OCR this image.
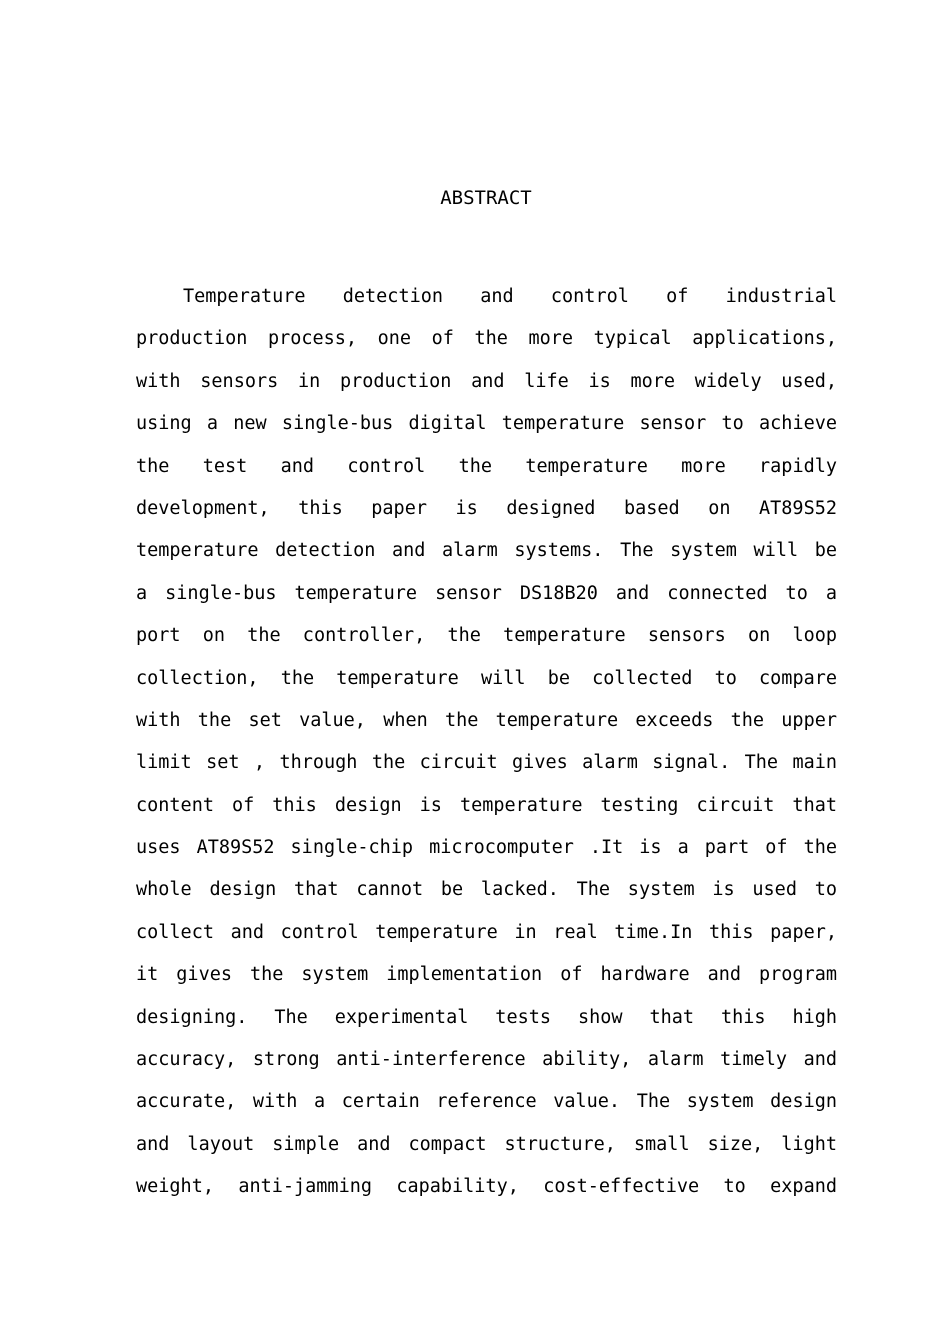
ABSTRACT
Temperature detection and control of industrial
production process, one of the more typical applications,
with sensors in production and life is more widely used,
using a new single-bus digital temperature sensor to achieve
the test and control the temperature more rapidly
development, this paper is designed based on AT89S52
temperature detection and alarm systems. The system will be
a single-bus temperature sensor DS18B20 and connected to a
port on the controller, the temperature sensors on loop
collection, the temperature will be collected to compare
with the set value, when the temperature exceeds the upper
limit set , through the circuit gives alarm signal. The main
content of this design is temperature testing circuit that
uses AT89S52 single-chip microcomputer .It is a part of the
whole design that cannot be lacked. The system is used to
collect and control temperature in real time.In this paper,
it gives the system implementation of hardware and program
designing. The experimental tests show that this high
accuracy, strong anti-interference ability, alarm timely and
accurate, with a certain reference value. The system design
and layout simple and compact structure, small size, light
weight, anti-jamming capability, cost-effective to expand
